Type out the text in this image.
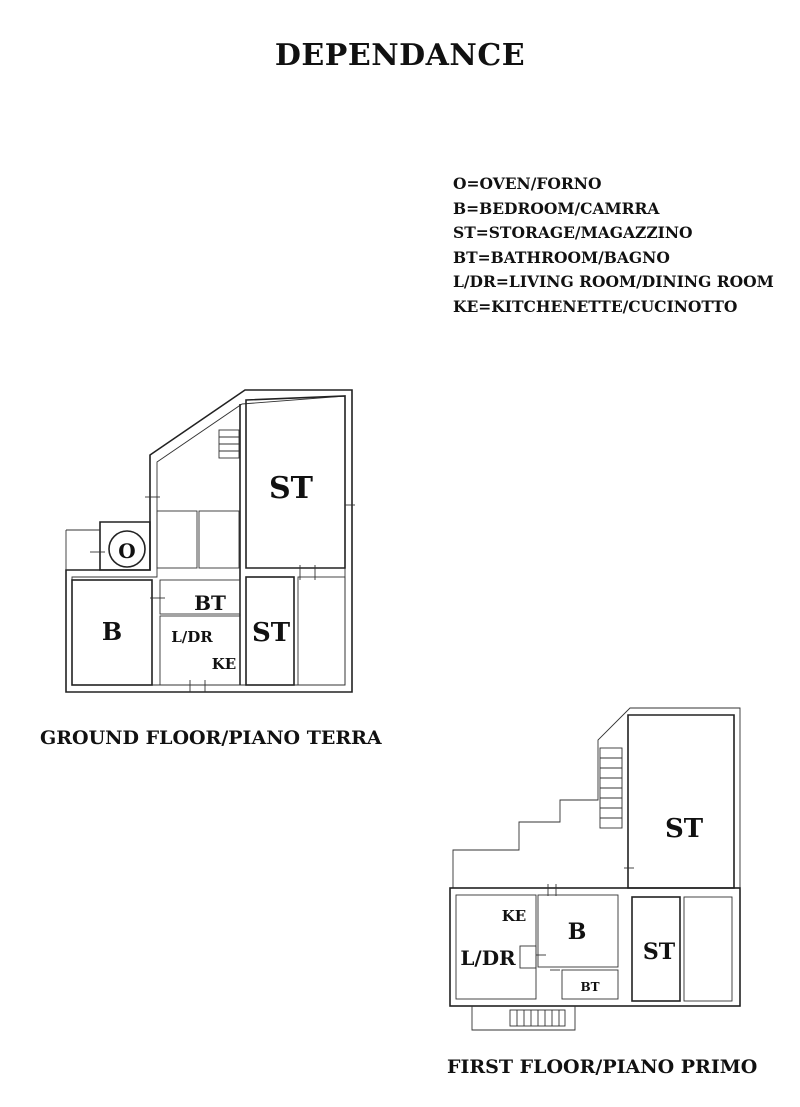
DEPENDANCE
O=OVEN/FORNO
B=BEDROOM/CAMRRA
ST=STORAGE/MAGAZZINO
BT=BATHROOM/BAGNO
L/DR=LIVING ROOM/DINING ROOM
KE=KITCHENETTE/CUCINOTTO
ST
O
B
BT
L/DR
KE
ST
ST
KE
L/DR
B
BT
ST
GROUND FLOOR/PIANO TERRA
FIRST FLOOR/PIANO PRIMO
